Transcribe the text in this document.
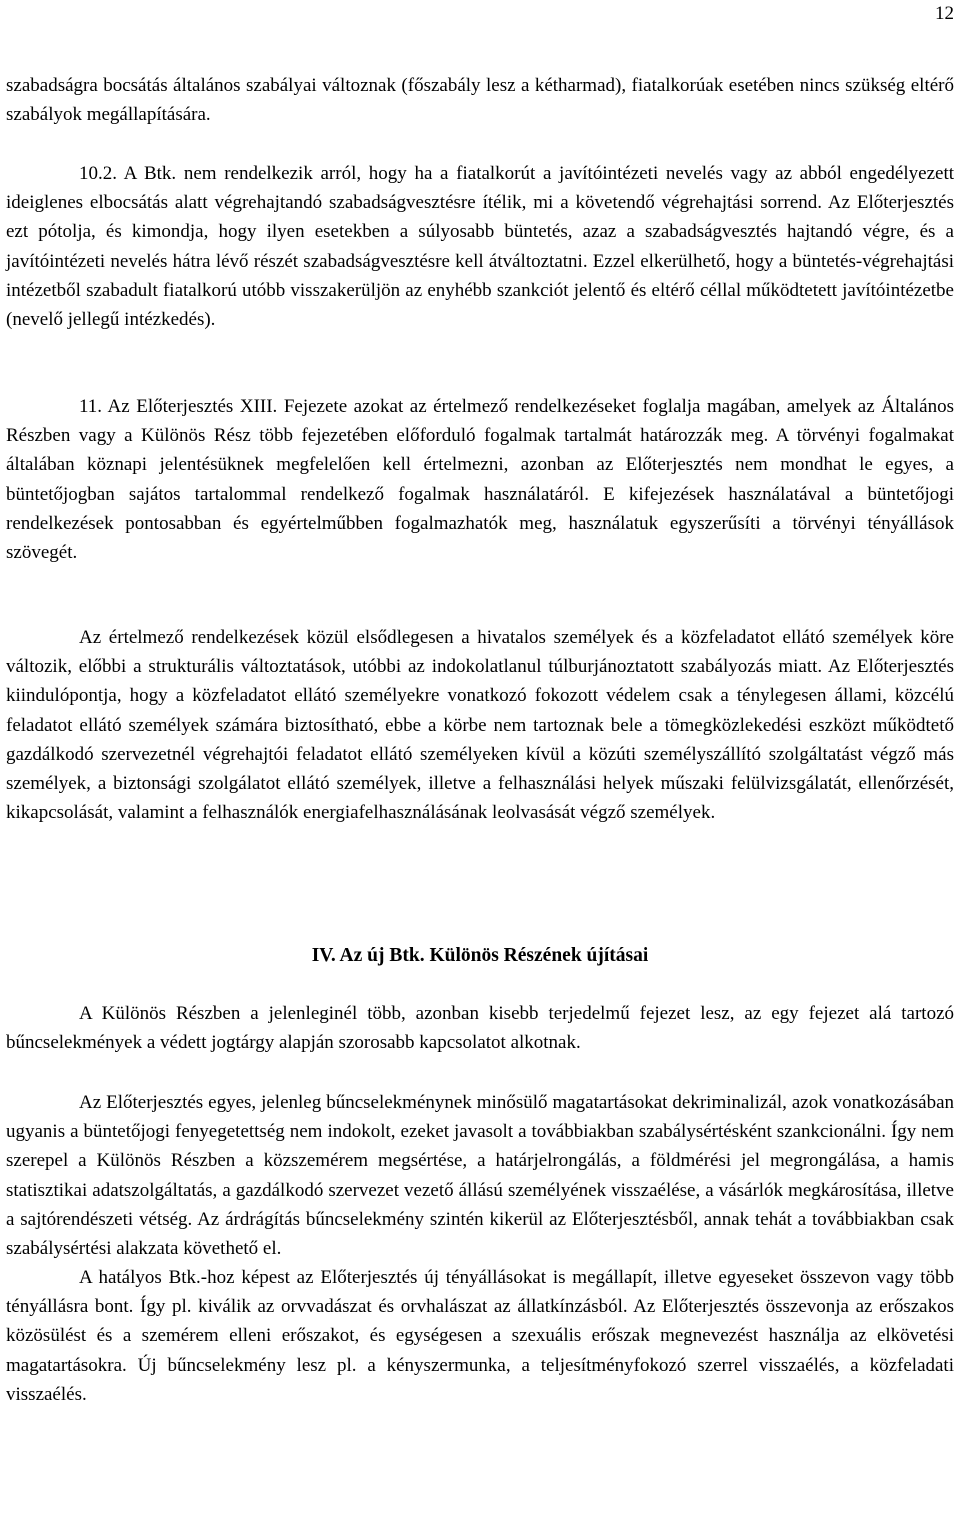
12

szabadságra bocsátás általános szabályai változnak (főszabály lesz a kétharmad), fiatalkorúak esetében nincs szükség eltérő szabályok megállapítására.

10.2. A Btk. nem rendelkezik arról, hogy ha a fiatalkorút a javítóintézeti nevelés vagy az abból engedélyezett ideiglenes elbocsátás alatt végrehajtandó szabadságvesztésre ítélik, mi a követendő végrehajtási sorrend. Az Előterjesztés ezt pótolja, és kimondja, hogy ilyen esetekben a súlyosabb büntetés, azaz a szabadságvesztés hajtandó végre, és a javítóintézeti nevelés hátra lévő részét szabadságvesztésre kell átváltoztatni. Ezzel elkerülhető, hogy a büntetés-végrehajtási intézetből szabadult fiatalkorú utóbb visszakerüljön az enyhébb szankciót jelentő és eltérő céllal működtetett javítóintézetbe (nevelő jellegű intézkedés).

11. Az Előterjesztés XIII. Fejezete azokat az értelmező rendelkezéseket foglalja magában, amelyek az Általános Részben vagy a Különös Rész több fejezetében előforduló fogalmak tartalmát határozzák meg. A törvényi fogalmakat általában köznapi jelentésüknek megfelelően kell értelmezni, azonban az Előterjesztés nem mondhat le egyes, a büntetőjogban sajátos tartalommal rendelkező fogalmak használatáról. E kifejezések használatával a büntetőjogi rendelkezések pontosabban és egyértelműbben fogalmazhatók meg, használatuk egyszerűsíti a törvényi tényállások szövegét.

Az értelmező rendelkezések közül elsődlegesen a hivatalos személyek és a közfeladatot ellátó személyek köre változik, előbbi a strukturális változtatások, utóbbi az indokolatlanul túlburjánoztatott szabályozás miatt. Az Előterjesztés kiindulópontja, hogy a közfeladatot ellátó személyekre vonatkozó fokozott védelem csak a ténylegesen állami, közcélú feladatot ellátó személyek számára biztosítható, ebbe a körbe nem tartoznak bele a tömegközlekedési eszközt működtető gazdálkodó szervezetnél végrehajtói feladatot ellátó személyeken kívül a közúti személyszállító szolgáltatást végző más személyek, a biztonsági szolgálatot ellátó személyek, illetve a felhasználási helyek műszaki felülvizsgálatát, ellenőrzését, kikapcsolását, valamint a felhasználók energiafelhasználásának leolvasását végző személyek.

IV. Az új Btk. Különös Részének újításai

A Különös Részben a jelenleginél több, azonban kisebb terjedelmű fejezet lesz, az egy fejezet alá tartozó bűncselekmények a védett jogtárgy alapján szorosabb kapcsolatot alkotnak.

Az Előterjesztés egyes, jelenleg bűncselekménynek minősülő magatartásokat dekriminalizál, azok vonatkozásában ugyanis a büntetőjogi fenyegetettség nem indokolt, ezeket javasolt a továbbiakban szabálysértésként szankcionálni. Így nem szerepel a Különös Részben a közszemérem megsértése, a határjelrongálás, a földmérési jel megrongálása, a hamis statisztikai adatszolgáltatás, a gazdálkodó szervezet vezető állású személyének visszaélése, a vásárlók megkárosítása, illetve a sajtórendészeti vétség. Az árdrágítás bűncselekmény szintén kikerül az Előterjesztésből, annak tehát a továbbiakban csak szabálysértési alakzata követhető el.

A hatályos Btk.-hoz képest az Előterjesztés új tényállásokat is megállapít, illetve egyeseket összevon vagy több tényállásra bont. Így pl. kiválik az orvvadászat és orvhalászat az állatkínzásból. Az Előterjesztés összevonja az erőszakos közösülést és a szemérem elleni erőszakot, és egységesen a szexuális erőszak megnevezést használja az elkövetési magatartásokra. Új bűncselekmény lesz pl. a kényszermunka, a teljesítményfokozó szerrel visszaélés, a közfeladati visszaélés.
